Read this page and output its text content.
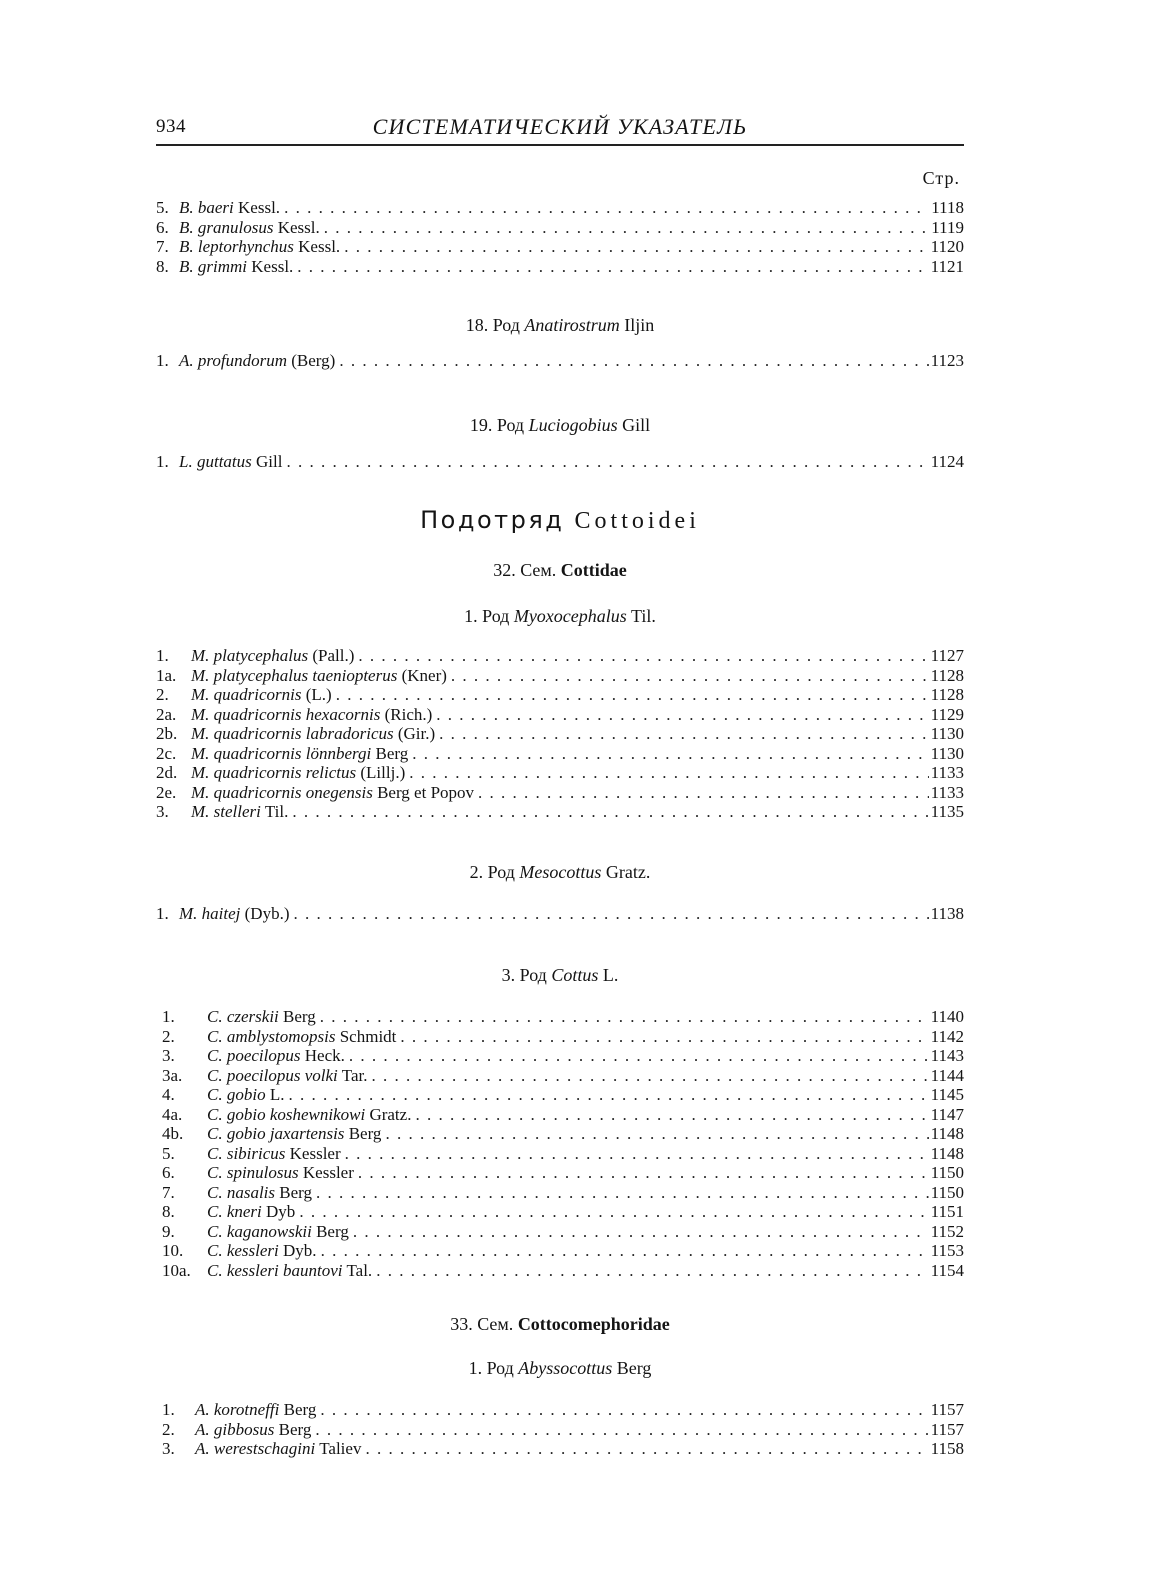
934	СИСТЕМАТИЧЕСКИЙ УКАЗАТЕЛЬ
Стр.
5. B. baeri Kessl. . . .	1118
6. B. granulosus Kessl. . . .	1119
7. B. leptorhynchus Kessl. . . .	1120
8. B. grimmi Kessl. . . .	1121
18. Род Anatirostrum Iljin
1. A. profundorum (Berg) . . .	1123
19. Род Luciogobius Gill
1. L. guttatus Gill . . .	1124
Подотряд Cottoidei
32. Сем. Cottidae
1. Род Myoxocephalus Til.
1.	M. platycephalus (Pall.) . . .	1127
1a. M. platycephalus taeniopterus (Kner) . . .	1128
2.	M. quadricornis (L.) . . .	1128
2a. M. quadricornis hexacornis (Rich.) . . .	1129
2b. M. quadricornis labradoricus (Gir.) . . .	1130
2c. M. quadricornis lönnbergi Berg . . .	1130
2d. M. quadricornis relictus (Lillj.) . . .	1133
2e. M. quadricornis onegensis Berg et Popov . . .	1133
3.	M. stelleri Til. . . .	1135
2. Род Mesocottus Gratz.
1. M. haitej (Dyb.) . . .	1138
3. Род Cottus L.
1.	C. czerskii Berg . . .	1140
2.	C. amblystomopsis Schmidt . . .	1142
3.	C. poecilopus Heck. . . .	1143
3a.	C. poecilopus volki Tar. . . .	1144
4.	C. gobio L. . . .	1145
4a.	C. gobio koshewnikowi Gratz. . . .	1147
4b.	C. gobio jaxartensis Berg . . .	1148
5.	C. sibiricus Kessler . . .	1148
6.	C. spinulosus Kessler . . .	1150
7.	C. nasalis Berg . . .	1150
8.	C. kneri Dyb . . .	1151
9.	C. kaganowskii Berg . . .	1152
10.	C. kessleri Dyb. . . .	1153
10a. C. kessleri bauntovi Tal. . . .	1154
33. Сем. Cottocomephoridae
1. Род Abyssocottus Berg
1.	A. korotneffi Berg . . .	1157
2.	A. gibbosus Berg . . .	1157
3.	A. werestschagini Taliev . . .	1158
